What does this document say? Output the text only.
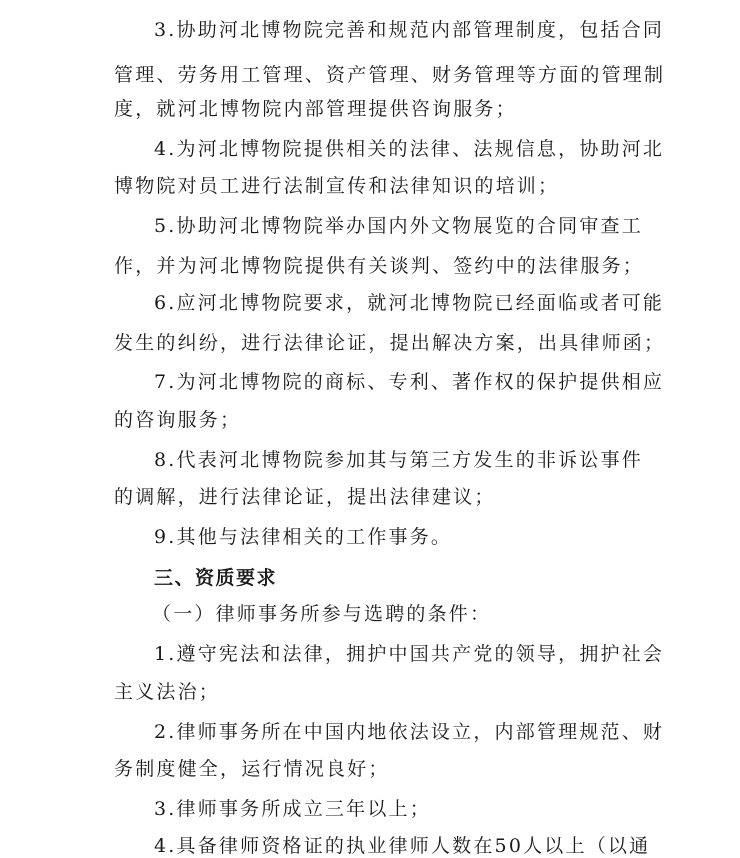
3.协助河北博物院完善和规范内部管理制度，包括合同
管理、劳务用工管理、资产管理、财务管理等方面的管理制
度，就河北博物院内部管理提供咨询服务；
4.为河北博物院提供相关的法律、法规信息，协助河北
博物院对员工进行法制宣传和法律知识的培训；
5.协助河北博物院举办国内外文物展览的合同审查工
作，并为河北博物院提供有关谈判、签约中的法律服务；
6.应河北博物院要求，就河北博物院已经面临或者可能
发生的纠纷，进行法律论证，提出解决方案，出具律师函；
7.为河北博物院的商标、专利、著作权的保护提供相应
的咨询服务；
8.代表河北博物院参加其与第三方发生的非诉讼事件
的调解，进行法律论证，提出法律建议；
9.其他与法律相关的工作事务。
三、资质要求
（一）律师事务所参与选聘的条件：
1.遵守宪法和法律，拥护中国共产党的领导，拥护社会
主义法治；
2.律师事务所在中国内地依法设立，内部管理规范、财
务制度健全，运行情况良好；
3.律师事务所成立三年以上；
4.具备律师资格证的执业律师人数在50人以上（以通
